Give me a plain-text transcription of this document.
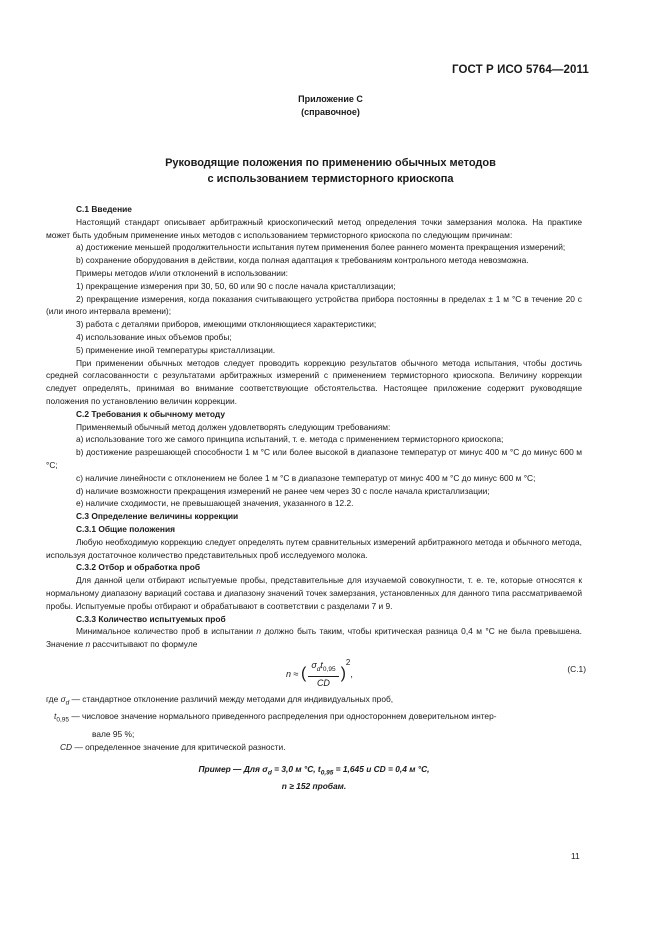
ГОСТ Р ИСО 5764—2011
Приложение С
(справочное)
Руководящие положения по применению обычных методов
с использованием термисторного криоскопа

С.1 Введение

Настоящий стандарт описывает арбитражный криоскопический метод определения точки замерзания молока. На практике может быть удобным применение иных методов с использованием термисторного криоскопа по следующим причинам:

а) достижение меньшей продолжительности испытания путем применения более раннего момента прекращения измерений;

b) сохранение оборудования в действии, когда полная адаптация к требованиям контрольного метода невозможна.

Примеры методов и/или отклонений в использовании:

1) прекращение измерения при 30, 50, 60 или 90 с после начала кристаллизации;

2) прекращение измерения, когда показания считывающего устройства прибора постоянны в пределах ± 1 м °С в течение 20 с (или иного интервала времени);

3) работа с деталями приборов, имеющими отклоняющиеся характеристики;

4) использование иных объемов пробы;

5) применение иной температуры кристаллизации.

При применении обычных методов следует проводить коррекцию результатов обычного метода испытания, чтобы достичь средней согласованности с результатами арбитражных измерений с применением термисторного криоскопа. Величину коррекции следует определять, принимая во внимание соответствующие обстоятельства. Настоящее приложение содержит руководящие положения по установлению величин коррекции.

С.2 Требования к обычному методу

Применяемый обычный метод должен удовлетворять следующим требованиям:

а) использование того же самого принципа испытаний, т. е. метода с применением термисторного криоскопа;

b) достижение разрешающей способности 1 м °С или более высокой в диапазоне температур от минус 400 м °С до минус 600 м °С;

с) наличие линейности с отклонением не более 1 м °С в диапазоне температур от минус 400 м °С до минус 600 м °С;

d) наличие возможности прекращения измерений не ранее чем через 30 с после начала кристаллизации;

е) наличие сходимости, не превышающей значения, указанного в 12.2.

С.3 Определение величины коррекции

С.3.1 Общие положения

Любую необходимую коррекцию следует определять путем сравнительных измерений арбитражного метода и обычного метода, используя достаточное количество представительных проб исследуемого молока.

С.3.2 Отбор и обработка проб

Для данной цели отбирают испытуемые пробы, представительные для изучаемой совокупности, т. е. те, которые относятся к нормальному диапазону вариаций состава и диапазону значений точек замерзания, установленных для данного типа рассматриваемой пробы. Испытуемые пробы отбирают и обрабатывают в соответствии с разделами 7 и 9.

С.3.3 Количество испытуемых проб

Минимальное количество проб в испытании n должно быть таким, чтобы критическая разница 0,4 м °С не была превышена. Значение n рассчитывают по формуле

n ≈ ( $\frac{\sigma_dt_{0,95}}{CD} )^2$,	(С.1)

где $\sigma_d$ — стандартное отклонение различий между методами для индивидуальных проб,

$t_{0,95}$ — числовое значение нормального приведенного распределения при одностороннем доверительном интер-

вале 95 %;

CD — определенное значение для критической разности.

Пример — Для $\sigma_d = 3,0$ м °С, $t_{0,95} = 1,645$ и CD = 0,4 м °С,
n ≥ 152 пробам.
11
